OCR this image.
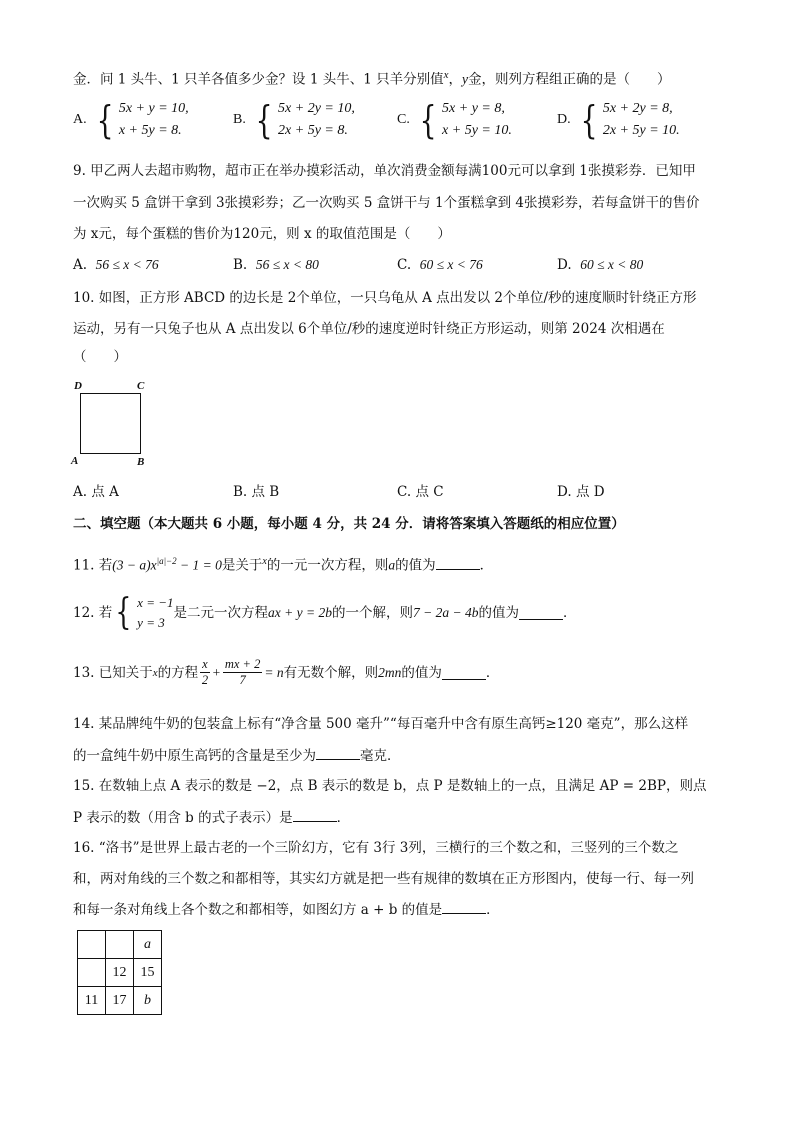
金．问 1 头牛、1 只羊各值多少金？设 1 头牛、1 只羊分别值$^x$，y金，则列方程组正确的是（　　）
A. { 5x + y = 10,
x + 5y = 8.
B. { 5x + 2y = 10,
2x + 5y = 8.
C. { 5x + y = 8,
x + 5y = 10.
D. { 5x + 2y = 8,
2x + 5y = 10.
9. 甲乙两人去超市购物，超市正在举办摸彩活动，单次消费金额每满100元可以拿到 1张摸彩券．已知甲
一次购买 5 盒饼干拿到 3张摸彩券；乙一次购买 5 盒饼干与 1个蛋糕拿到 4张摸彩券，若每盒饼干的售价
为 x元，每个蛋糕的售价为120元，则 x 的取值范围是（　　）
A. 56 ≤ x < 76	B. 56 ≤ x < 80	C. 60 ≤ x < 76	D. 60 ≤ x < 80
10. 如图，正方形 ABCD 的边长是 2个单位，一只乌龟从 A 点出发以 2个单位/秒的速度顺时针绕正方形
运动，另有一只兔子也从 A 点出发以 6个单位/秒的速度逆时针绕正方形运动，则第 2024 次相遇在
（　　）
D	C
A	B
A. 点 A	B. 点 B	C. 点 C	D. 点 D
二、填空题（本大题共 6 小题，每小题 4 分，共 24 分．请将答案填入答题纸的相应位置）
11. 若$(3 - a)x^{|a|-2} - 1 = 0$是关于$^x$的一元一次方程，则a的值为	．
12. 若 { x = −1
y = 3
是二元一次方程 ax + y = 2b 的一个解，则 7 − 2a − 4b 的值为	．
13. 已知关于 x 的方程 $\frac{x}{2} + \frac{mx + 2}{7} = n$ 有无数个解，则 2mn 的值为	．
14. 某品牌纯牛奶的包装盒上标有“净含量 500 毫升”“每百毫升中含有原生高钙≥120 毫克”，那么这样
的一盒纯牛奶中原生高钙的含量是至少为	毫克．
15. 在数轴上点 A 表示的数是 −2，点 B 表示的数是 b，点 P 是数轴上的一点，且满足 AP = 2BP，则点
P 表示的数（用含 b 的式子表示）是	．
16. “洛书”是世界上最古老的一个三阶幻方，它有 3行 3列，三横行的三个数之和，三竖列的三个数之
和，两对角线的三个数之和都相等，其实幻方就是把一些有规律的数填在正方形图内，使每一行、每一列
和每一条对角线上各个数之和都相等，如图幻方 a + b 的值是	．
		a
	12	15
11	17	b
